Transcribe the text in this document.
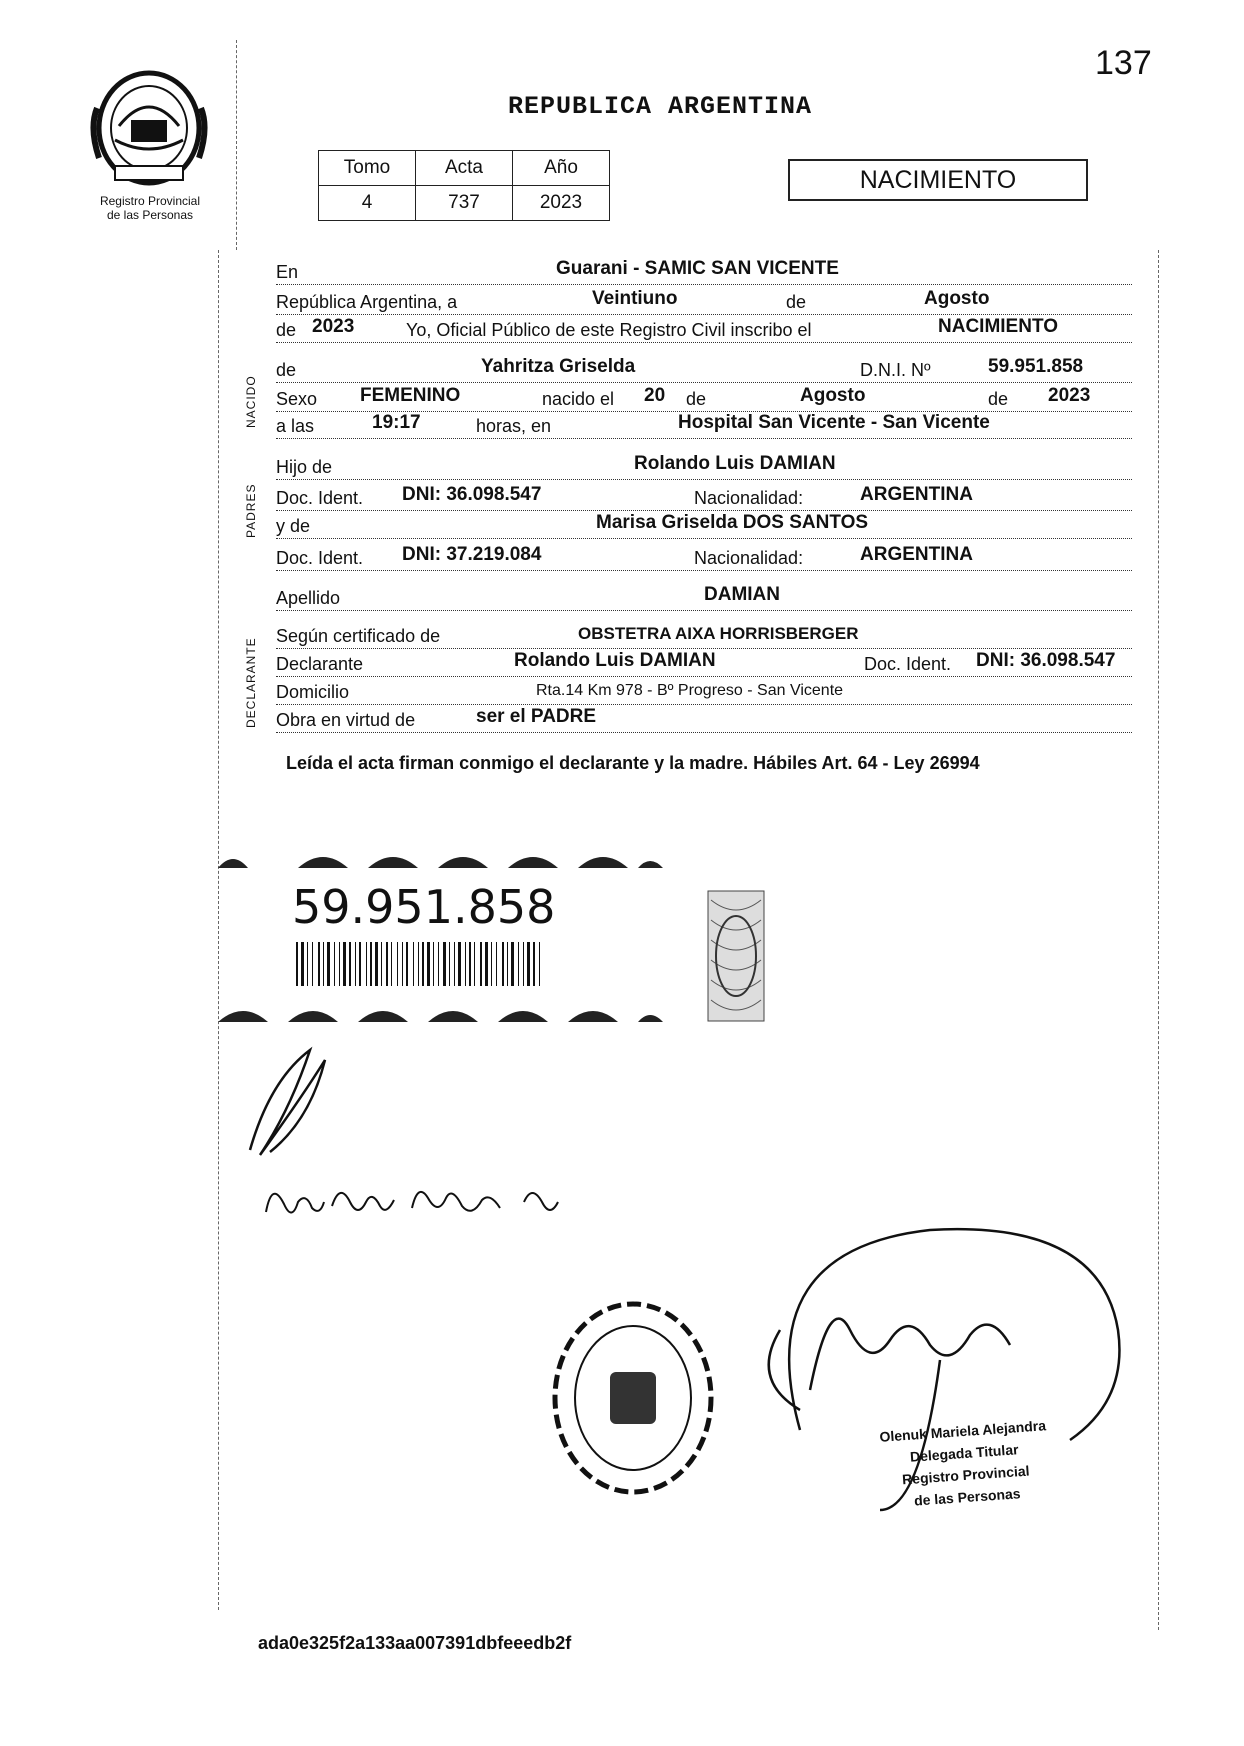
137
Registro Provincial
de las Personas
REPUBLICA ARGENTINA
Tomo	Acta	Año
4	737	2023
NACIMIENTO
NACIDO
PADRES
DECLARANTE
En	Guarani - SAMIC SAN VICENTE
República Argentina, a	Veintiuno	de	Agosto
de 2023	Yo, Oficial Público de este Registro Civil inscribo el	NACIMIENTO
de	Yahritza Griselda	D.N.I. Nº	59.951.858
Sexo FEMENINO	nacido el 20 de	Agosto	de 2023
a las	19:17	horas, en	Hospital San Vicente - San Vicente
Hijo de	Rolando Luis DAMIAN
Doc. Ident. DNI: 36.098.547	Nacionalidad:	ARGENTINA
y de	Marisa Griselda DOS SANTOS
Doc. Ident. DNI: 37.219.084	Nacionalidad:	ARGENTINA
Apellido	DAMIAN
Según certificado de	OBSTETRA AIXA HORRISBERGER
Declarante	Rolando Luis DAMIAN	Doc. Ident. DNI: 36.098.547
Domicilio	Rta.14 Km 978 - Bº Progreso - San Vicente
Obra en virtud de	ser el PADRE
Leída el acta firman conmigo el declarante y la madre. Hábiles Art. 64 - Ley 26994
59.951.858
Olenuk Mariela Alejandra
Delegada Titular
Registro Provincial
de las Personas
ada0e325f2a133aa007391dbfeeedb2f
